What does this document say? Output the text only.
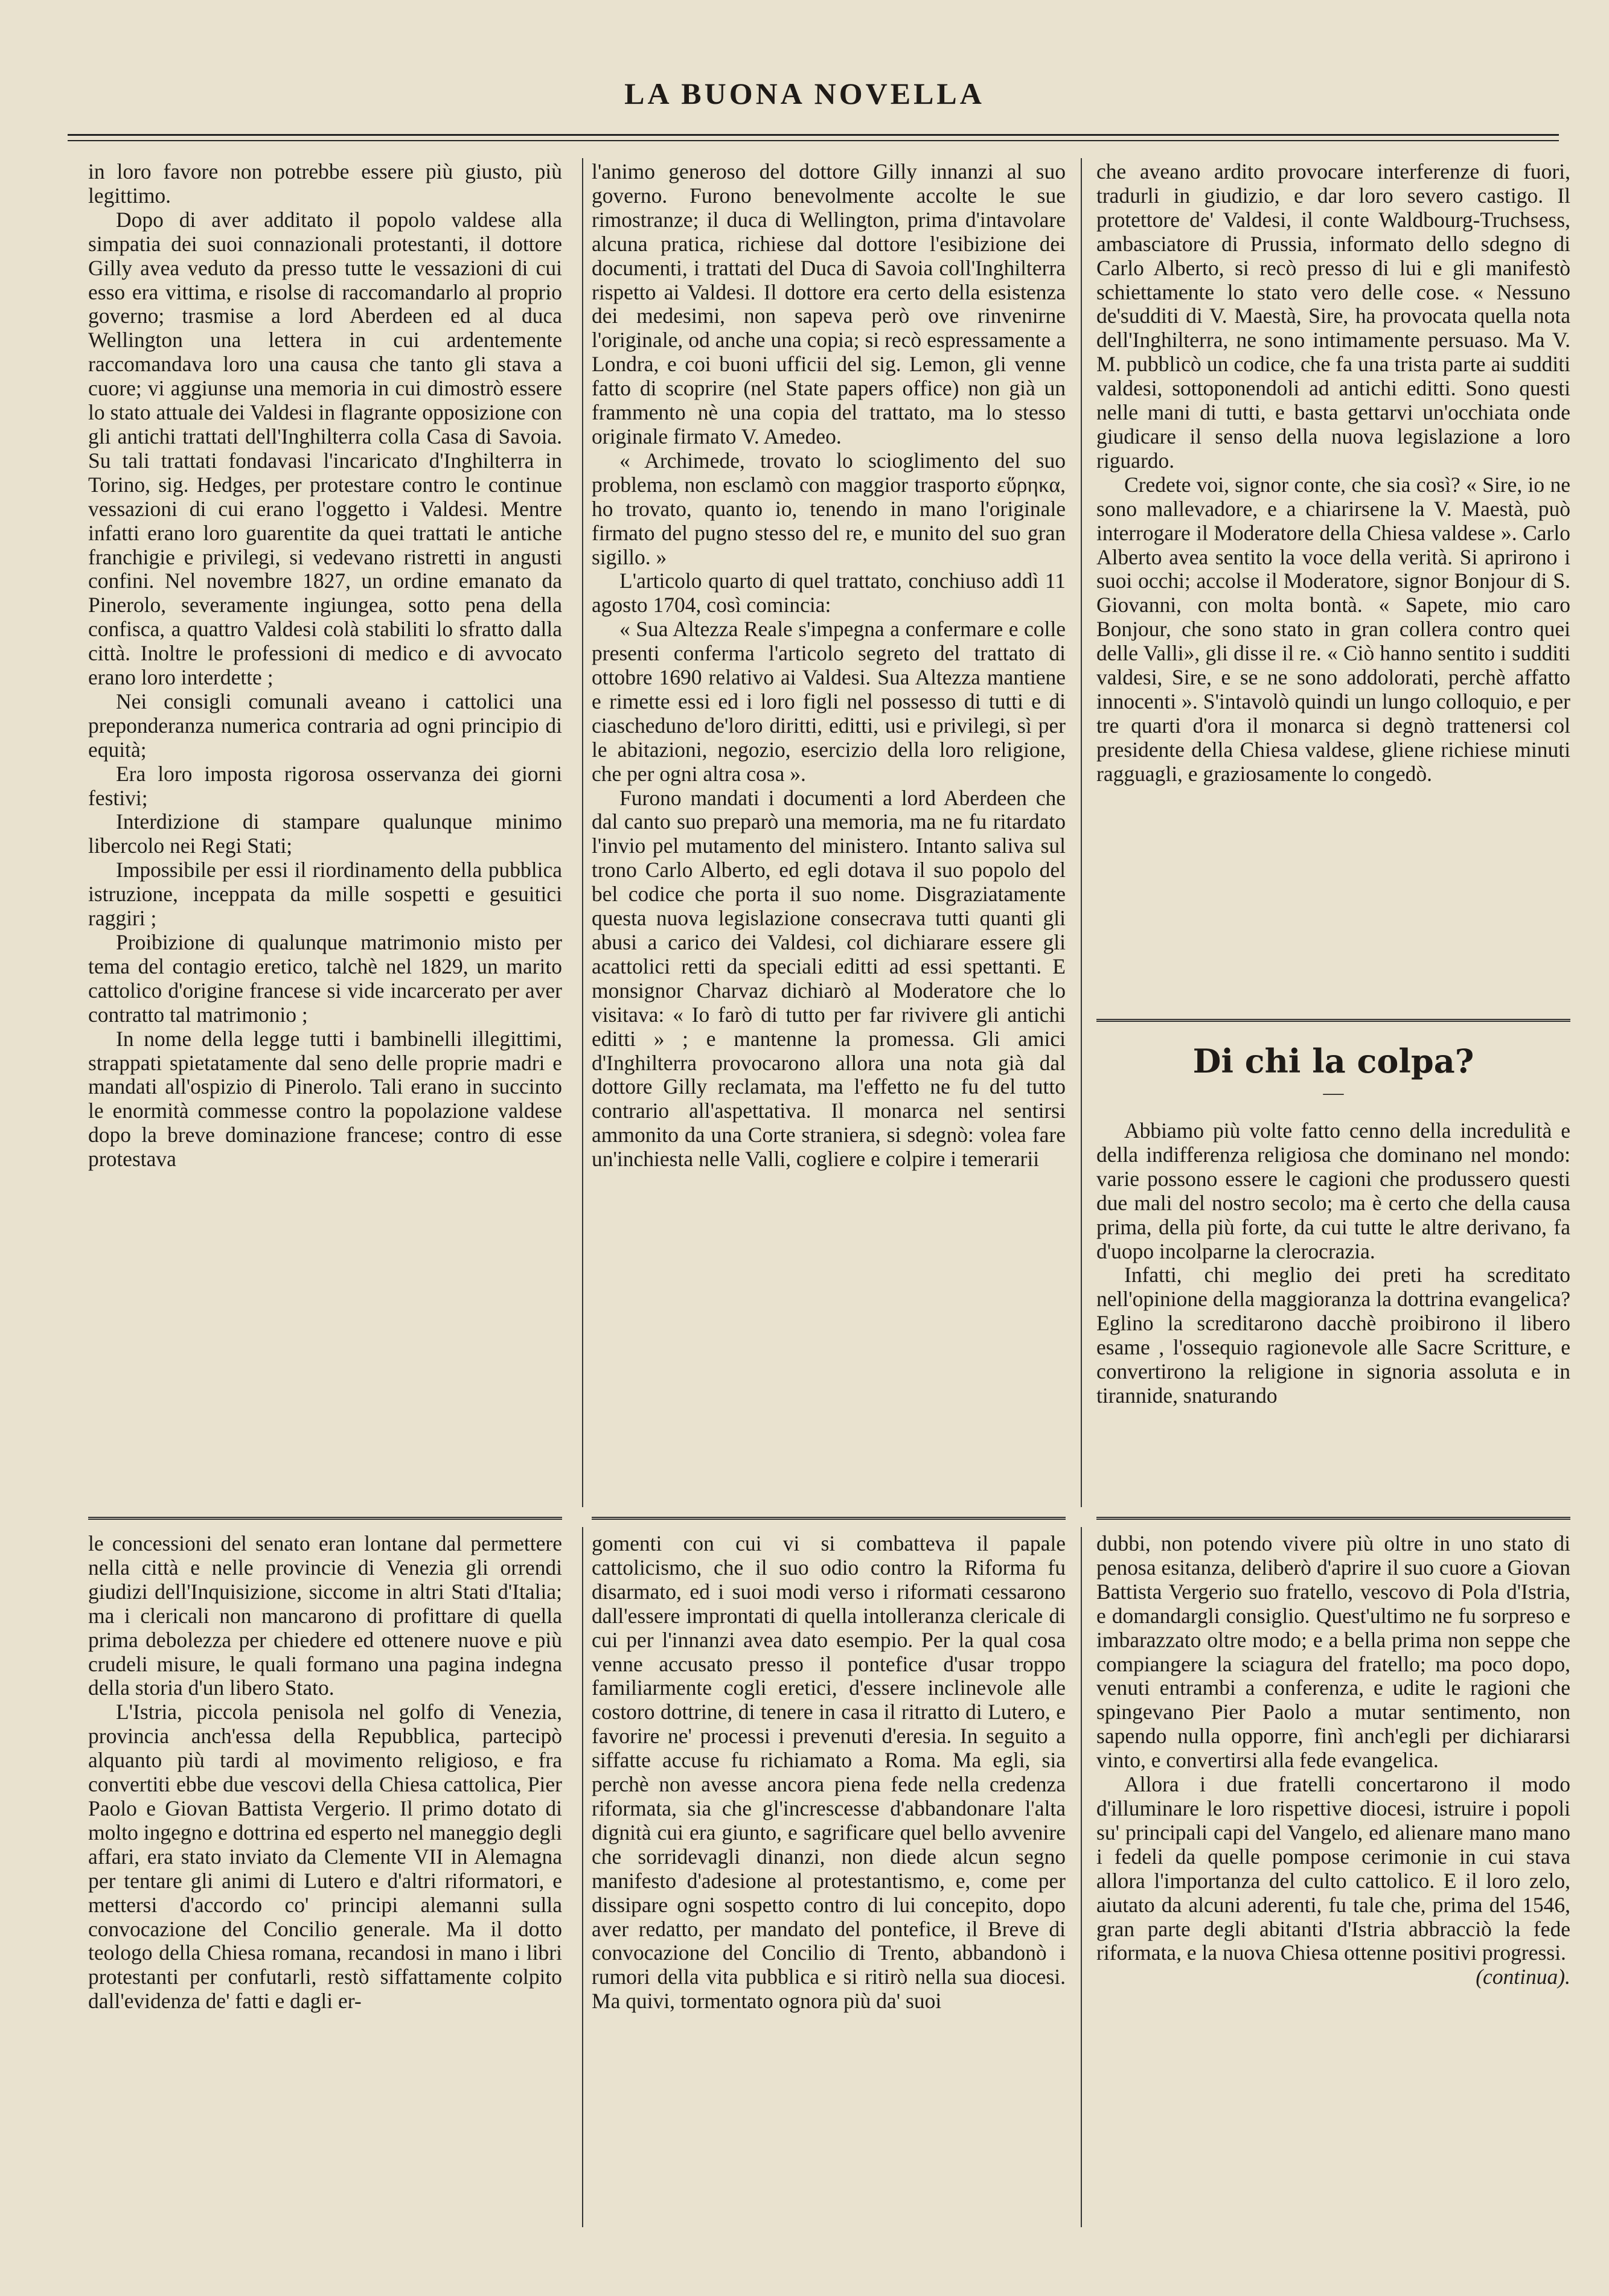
LA BUONA NOVELLA

in loro favore non potrebbe essere più giusto, più legittimo.

Dopo di aver additato il popolo valdese alla simpatia dei suoi connazionali protestanti, il dottore Gilly avea veduto da presso tutte le vessazioni di cui esso era vittima, e risolse di raccomandarlo al proprio governo; trasmise a lord Aberdeen ed al duca Wellington una lettera in cui ardentemente raccomandava loro una causa che tanto gli stava a cuore; vi aggiunse una memoria in cui dimostrò essere lo stato attuale dei Valdesi in flagrante opposizione con gli antichi trattati dell'Inghilterra colla Casa di Savoia. Su tali trattati fondavasi l'incaricato d'Inghilterra in Torino, sig. Hedges, per protestare contro le continue vessazioni di cui erano l'oggetto i Valdesi. Mentre infatti erano loro guarentite da quei trattati le antiche franchigie e privilegi, si vedevano ristretti in angusti confini. Nel novembre 1827, un ordine emanato da Pinerolo, severamente ingiungea, sotto pena della confisca, a quattro Valdesi colà stabiliti lo sfratto dalla città. Inoltre le professioni di medico e di avvocato erano loro interdette ;

Nei consigli comunali aveano i cattolici una preponderanza numerica contraria ad ogni principio di equità;

Era loro imposta rigorosa osservanza dei giorni festivi;

Interdizione di stampare qualunque minimo libercolo nei Regi Stati;

Impossibile per essi il riordinamento della pubblica istruzione, inceppata da mille sospetti e gesuitici raggiri ;

Proibizione di qualunque matrimonio misto per tema del contagio eretico, talchè nel 1829, un marito cattolico d'origine francese si vide incarcerato per aver contratto tal matrimonio ;

In nome della legge tutti i bambinelli illegittimi, strappati spietatamente dal seno delle proprie madri e mandati all'ospizio di Pinerolo. Tali erano in succinto le enormità commesse contro la popolazione valdese dopo la breve dominazione francese; contro di esse protestava

l'animo generoso del dottore Gilly innanzi al suo governo. Furono benevolmente accolte le sue rimostranze; il duca di Wellington, prima d'intavolare alcuna pratica, richiese dal dottore l'esibizione dei documenti, i trattati del Duca di Savoia coll'Inghilterra rispetto ai Valdesi. Il dottore era certo della esistenza dei medesimi, non sapeva però ove rinvenirne l'originale, od anche una copia; si recò espressamente a Londra, e coi buoni ufficii del sig. Lemon, gli venne fatto di scoprire (nel State papers office) non già un frammento nè una copia del trattato, ma lo stesso originale firmato V. Amedeo.

« Archimede, trovato lo scioglimento del suo problema, non esclamò con maggior trasporto εὕρηκα, ho trovato, quanto io, tenendo in mano l'originale firmato del pugno stesso del re, e munito del suo gran sigillo. »

L'articolo quarto di quel trattato, conchiuso addì 11 agosto 1704, così comincia:

« Sua Altezza Reale s'impegna a confermare e colle presenti conferma l'articolo segreto del trattato di ottobre 1690 relativo ai Valdesi. Sua Altezza mantiene e rimette essi ed i loro figli nel possesso di tutti e di ciascheduno de'loro diritti, editti, usi e privilegi, sì per le abitazioni, negozio, esercizio della loro religione, che per ogni altra cosa ».

Furono mandati i documenti a lord Aberdeen che dal canto suo preparò una memoria, ma ne fu ritardato l'invio pel mutamento del ministero. Intanto saliva sul trono Carlo Alberto, ed egli dotava il suo popolo del bel codice che porta il suo nome. Disgraziatamente questa nuova legislazione consecrava tutti quanti gli abusi a carico dei Valdesi, col dichiarare essere gli acattolici retti da speciali editti ad essi spettanti. E monsignor Charvaz dichiarò al Moderatore che lo visitava: « Io farò di tutto per far rivivere gli antichi editti » ; e mantenne la promessa. Gli amici d'Inghilterra provocarono allora una nota già dal dottore Gilly reclamata, ma l'effetto ne fu del tutto contrario all'aspettativa. Il monarca nel sentirsi ammonito da una Corte straniera, si sdegnò: volea fare un'inchiesta nelle Valli, cogliere e colpire i temerarii

che aveano ardito provocare interferenze di fuori, tradurli in giudizio, e dar loro severo castigo. Il protettore de' Valdesi, il conte Waldbourg-Truchsess, ambasciatore di Prussia, informato dello sdegno di Carlo Alberto, si recò presso di lui e gli manifestò schiettamente lo stato vero delle cose. « Nessuno de'sudditi di V. Maestà, Sire, ha provocata quella nota dell'Inghilterra, ne sono intimamente persuaso. Ma V. M. pubblicò un codice, che fa una trista parte ai sudditi valdesi, sottoponendoli ad antichi editti. Sono questi nelle mani di tutti, e basta gettarvi un'occhiata onde giudicare il senso della nuova legislazione a loro riguardo.

Credete voi, signor conte, che sia così? « Sire, io ne sono mallevadore, e a chiarirsene la V. Maestà, può interrogare il Moderatore della Chiesa valdese ». Carlo Alberto avea sentito la voce della verità. Si aprirono i suoi occhi; accolse il Moderatore, signor Bonjour di S. Giovanni, con molta bontà. « Sapete, mio caro Bonjour, che sono stato in gran collera contro quei delle Valli», gli disse il re. « Ciò hanno sentito i sudditi valdesi, Sire, e se ne sono addolorati, perchè affatto innocenti ». S'intavolò quindi un lungo colloquio, e per tre quarti d'ora il monarca si degnò trattenersi col presidente della Chiesa valdese, gliene richiese minuti ragguagli, e graziosamente lo congedò.

Di chi la colpa?
—

Abbiamo più volte fatto cenno della incredulità e della indifferenza religiosa che dominano nel mondo: varie possono essere le cagioni che produssero questi due mali del nostro secolo; ma è certo che della causa prima, della più forte, da cui tutte le altre derivano, fa d'uopo incolparne la clerocrazia.

Infatti, chi meglio dei preti ha screditato nell'opinione della maggioranza la dottrina evangelica? Eglino la screditarono dacchè proibirono il libero esame , l'ossequio ragionevole alle Sacre Scritture, e convertirono la religione in signoria assoluta e in tirannide, snaturando

le concessioni del senato eran lontane dal permettere nella città e nelle provincie di Venezia gli orrendi giudizi dell'Inquisizione, siccome in altri Stati d'Italia; ma i clericali non mancarono di profittare di quella prima debolezza per chiedere ed ottenere nuove e più crudeli misure, le quali formano una pagina indegna della storia d'un libero Stato.

L'Istria, piccola penisola nel golfo di Venezia, provincia anch'essa della Repubblica, partecipò alquanto più tardi al movimento religioso, e fra convertiti ebbe due vescovi della Chiesa cattolica, Pier Paolo e Giovan Battista Vergerio. Il primo dotato di molto ingegno e dottrina ed esperto nel maneggio degli affari, era stato inviato da Clemente VII in Alemagna per tentare gli animi di Lutero e d'altri riformatori, e mettersi d'accordo co' principi alemanni sulla convocazione del Concilio generale. Ma il dotto teologo della Chiesa romana, recandosi in mano i libri protestanti per confutarli, restò siffattamente colpito dall'evidenza de' fatti e dagli er-

gomenti con cui vi si combatteva il papale cattolicismo, che il suo odio contro la Riforma fu disarmato, ed i suoi modi verso i riformati cessarono dall'essere improntati di quella intolleranza clericale di cui per l'innanzi avea dato esempio. Per la qual cosa venne accusato presso il pontefice d'usar troppo familiarmente cogli eretici, d'essere inclinevole alle costoro dottrine, di tenere in casa il ritratto di Lutero, e favorire ne' processi i prevenuti d'eresia. In seguito a siffatte accuse fu richiamato a Roma. Ma egli, sia perchè non avesse ancora piena fede nella credenza riformata, sia che gl'increscesse d'abbandonare l'alta dignità cui era giunto, e sagrificare quel bello avvenire che sorridevagli dinanzi, non diede alcun segno manifesto d'adesione al protestantismo, e, come per dissipare ogni sospetto contro di lui concepito, dopo aver redatto, per mandato del pontefice, il Breve di convocazione del Concilio di Trento, abbandonò i rumori della vita pubblica e si ritirò nella sua diocesi. Ma quivi, tormentato ognora più da' suoi

dubbi, non potendo vivere più oltre in uno stato di penosa esitanza, deliberò d'aprire il suo cuore a Giovan Battista Vergerio suo fratello, vescovo di Pola d'Istria, e domandargli consiglio. Quest'ultimo ne fu sorpreso e imbarazzato oltre modo; e a bella prima non seppe che compiangere la sciagura del fratello; ma poco dopo, venuti entrambi a conferenza, e udite le ragioni che spingevano Pier Paolo a mutar sentimento, non sapendo nulla opporre, finì anch'egli per dichiararsi vinto, e convertirsi alla fede evangelica.

Allora i due fratelli concertarono il modo d'illuminare le loro rispettive diocesi, istruire i popoli su' principali capi del Vangelo, ed alienare mano mano i fedeli da quelle pompose cerimonie in cui stava allora l'importanza del culto cattolico. E il loro zelo, aiutato da alcuni aderenti, fu tale che, prima del 1546, gran parte degli abitanti d'Istria abbracciò la fede riformata, e la nuova Chiesa ottenne positivi progressi.

(continua).
